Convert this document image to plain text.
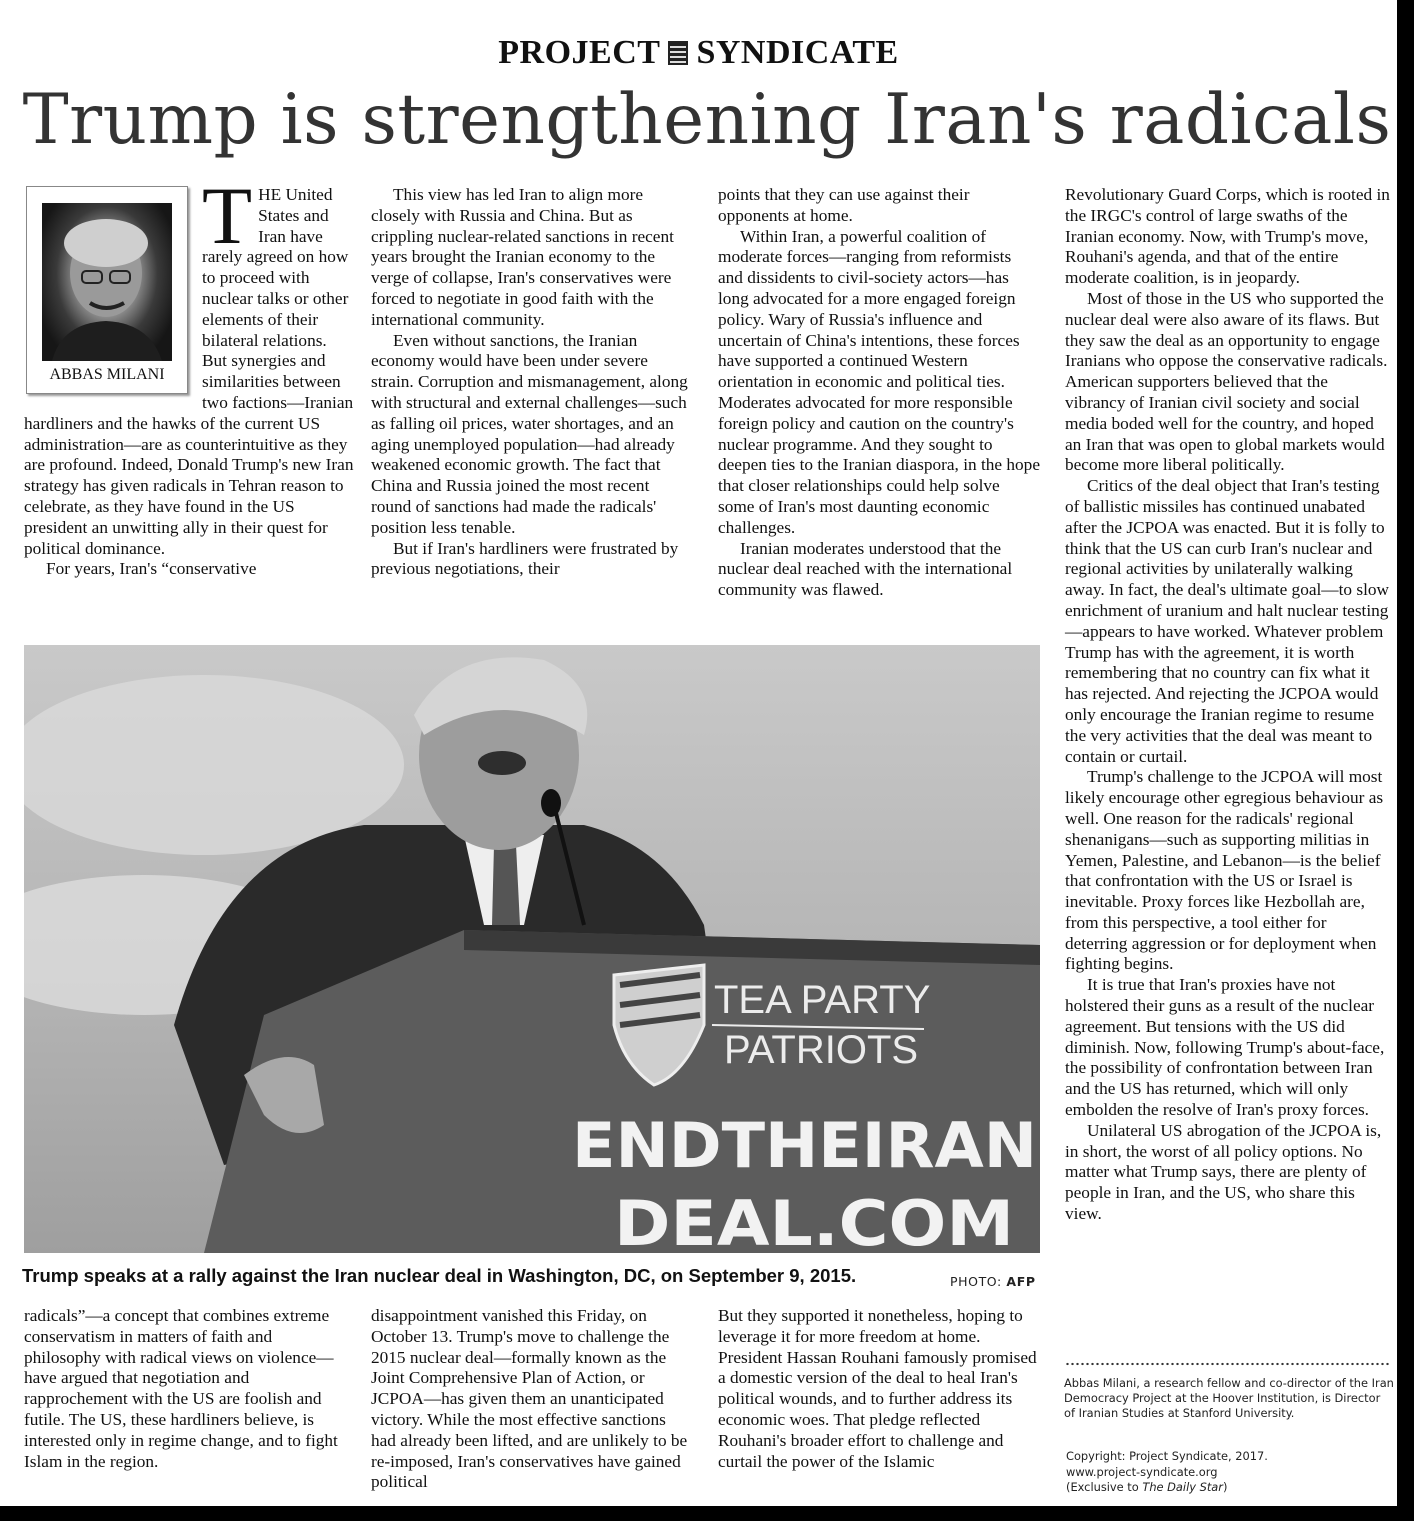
PROJECT SYNDICATE
Trump is strengthening Iran's radicals
ABBAS MILANI

THE United States and Iran have rarely agreed on how to proceed with nuclear talks or other elements of their bilateral relations. But synergies and similarities between two factions—Iranian hardliners and the hawks of the current US administration—are as counterintuitive as they are profound. Indeed, Donald Trump's new Iran strategy has given radicals in Tehran reason to celebrate, as they have found in the US president an unwitting ally in their quest for political dominance.

For years, Iran's “conservative

This view has led Iran to align more closely with Russia and China. But as crippling nuclear-related sanctions in recent years brought the Iranian economy to the verge of collapse, Iran's conservatives were forced to negotiate in good faith with the international community.

Even without sanctions, the Iranian economy would have been under severe strain. Corruption and mismanagement, along with structural and external challenges—such as falling oil prices, water shortages, and an aging unemployed population—had already weakened economic growth. The fact that China and Russia joined the most recent round of sanctions had made the radicals' position less tenable.

But if Iran's hardliners were frustrated by previous negotiations, their

points that they can use against their opponents at home.

Within Iran, a powerful coalition of moderate forces—ranging from reformists and dissidents to civil-society actors—has long advocated for a more engaged foreign policy. Wary of Russia's influence and uncertain of China's intentions, these forces have supported a continued Western orientation in economic and political ties. Moderates advocated for more responsible foreign policy and caution on the country's nuclear programme. And they sought to deepen ties to the Iranian diaspora, in the hope that closer relationships could help solve some of Iran's most daunting economic challenges.

Iranian moderates understood that the nuclear deal reached with the international community was flawed.

Revolutionary Guard Corps, which is rooted in the IRGC's control of large swaths of the Iranian economy. Now, with Trump's move, Rouhani's agenda, and that of the entire moderate coalition, is in jeopardy.

Most of those in the US who supported the nuclear deal were also aware of its flaws. But they saw the deal as an opportunity to engage Iranians who oppose the conservative radicals. American supporters believed that the vibrancy of Iranian civil society and social media boded well for the country, and hoped an Iran that was open to global markets would become more liberal politically.

Critics of the deal object that Iran's testing of ballistic missiles has continued unabated after the JCPOA was enacted. But it is folly to think that the US can curb Iran's nuclear and regional activities by unilaterally walking away. In fact, the deal's ultimate goal—to slow enrichment of uranium and halt nuclear testing—appears to have worked. Whatever problem Trump has with the agreement, it is worth remembering that no country can fix what it has rejected. And rejecting the JCPOA would only encourage the Iranian regime to resume the very activities that the deal was meant to contain or curtail.

Trump's challenge to the JCPOA will most likely encourage other egregious behaviour as well. One reason for the radicals' regional shenanigans—such as supporting militias in Yemen, Palestine, and Lebanon—is the belief that confrontation with the US or Israel is inevitable. Proxy forces like Hezbollah are, from this perspective, a tool either for deterring aggression or for deployment when fighting begins.

It is true that Iran's proxies have not holstered their guns as a result of the nuclear agreement. But tensions with the US did diminish. Now, following Trump's about-face, the possibility of confrontation between Iran and the US has returned, which will only embolden the resolve of Iran's proxy forces.

Unilateral US abrogation of the JCPOA is, in short, the worst of all policy options. No matter what Trump says, there are plenty of people in Iran, and the US, who share this view.

TEA PARTY
PATRIOTS
ENDTHEIRAN
DEAL.COM
Trump speaks at a rally against the Iran nuclear deal in Washington, DC, on September 9, 2015.	PHOTO: AFP

radicals”—a concept that combines extreme conservatism in matters of faith and philosophy with radical views on violence—have argued that negotiation and rapprochement with the US are foolish and futile. The US, these hardliners believe, is interested only in regime change, and to fight Islam in the region.

disappointment vanished this Friday, on October 13. Trump's move to challenge the 2015 nuclear deal—formally known as the Joint Comprehensive Plan of Action, or JCPOA—has given them an unanticipated victory. While the most effective sanctions had already been lifted, and are unlikely to be re-imposed, Iran's conservatives have gained political

But they supported it nonetheless, hoping to leverage it for more freedom at home. President Hassan Rouhani famously promised a domestic version of the deal to heal Iran's political wounds, and to further address its economic woes. That pledge reflected Rouhani's broader effort to challenge and curtail the power of the Islamic

Abbas Milani, a research fellow and co-director of the Iran Democracy Project at the Hoover Institution, is Director of Iranian Studies at Stanford University.
Copyright: Project Syndicate, 2017.
www.project-syndicate.org
(Exclusive to The Daily Star)
